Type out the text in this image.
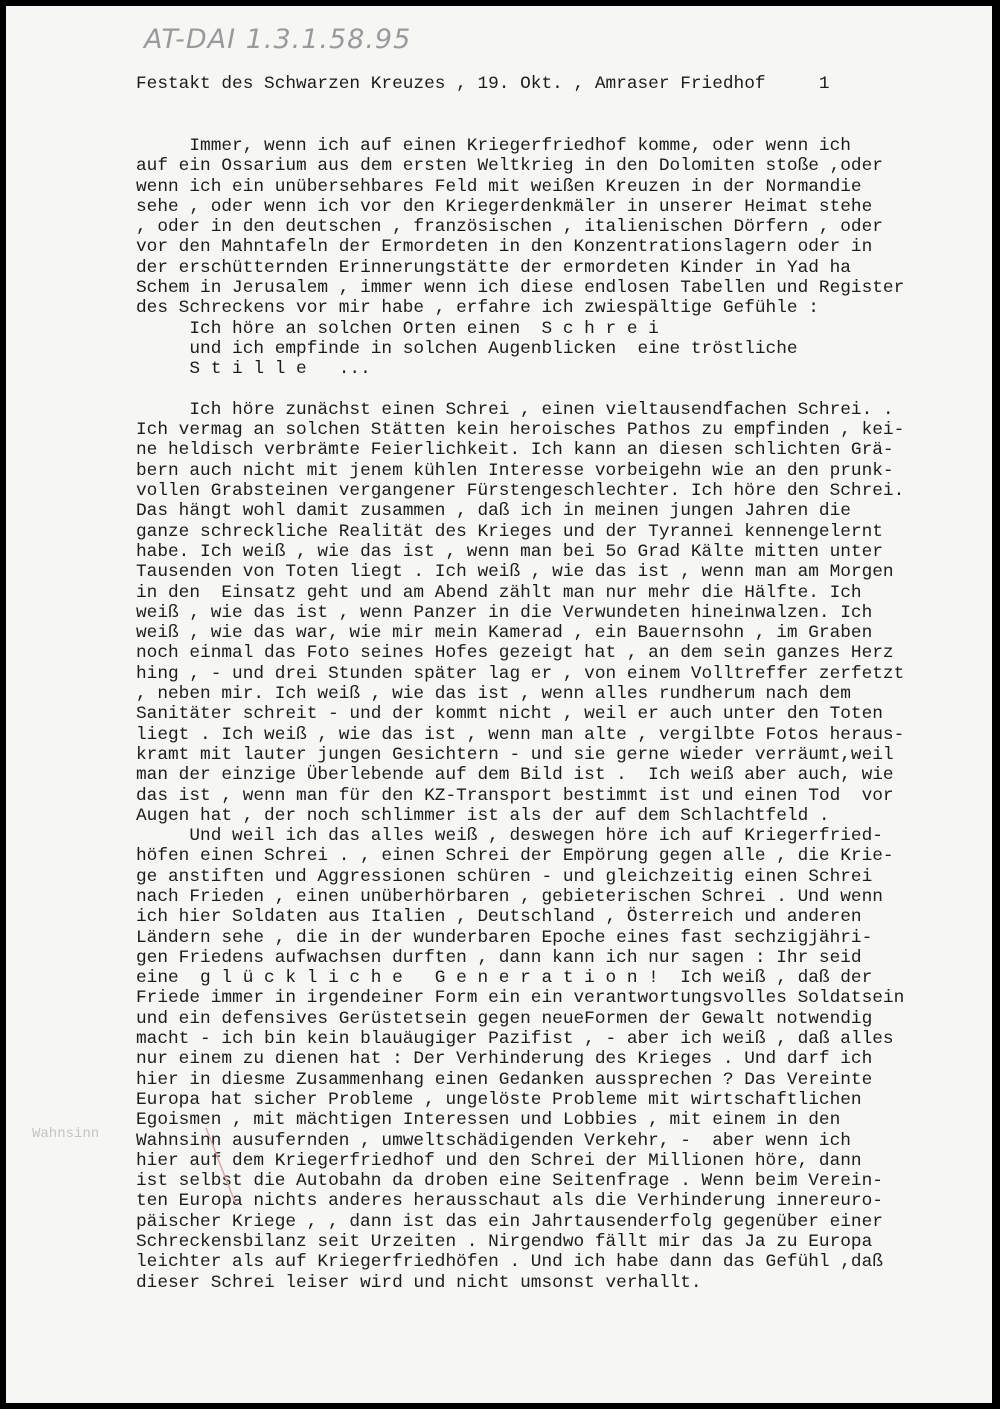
AT-DAI 1.3.1.58.95
Festakt des Schwarzen Kreuzes , 19. Okt. , Amraser Friedhof     1
Immer, wenn ich auf einen Kriegerfriedhof komme, oder wenn ich
auf ein Ossarium aus dem ersten Weltkrieg in den Dolomiten stoße ,oder
wenn ich ein unübersehbares Feld mit weißen Kreuzen in der Normandie
sehe , oder wenn ich vor den Kriegerdenkmäler in unserer Heimat stehe
, oder in den deutschen , französischen , italienischen Dörfern , oder
vor den Mahntafeln der Ermordeten in den Konzentrationslagern oder in
der erschütternden Erinnerungstätte der ermordeten Kinder in Yad ha
Schem in Jerusalem , immer wenn ich diese endlosen Tabellen und Register
des Schreckens vor mir habe , erfahre ich zwiespältige Gefühle :
Ich höre an solchen Orten einen  S c h r e i
und ich empfinde in solchen Augenblicken  eine tröstliche
S t i l l e   ...
Ich höre zunächst einen Schrei , einen vieltausendfachen Schrei. .
Ich vermag an solchen Stätten kein heroisches Pathos zu empfinden , kei-
ne heldisch verbrämte Feierlichkeit. Ich kann an diesen schlichten Grä-
bern auch nicht mit jenem kühlen Interesse vorbeigehn wie an den prunk-
vollen Grabsteinen vergangener Fürstengeschlechter. Ich höre den Schrei.
Das hängt wohl damit zusammen , daß ich in meinen jungen Jahren die
ganze schreckliche Realität des Krieges und der Tyrannei kennengelernt
habe. Ich weiß , wie das ist , wenn man bei 5o Grad Kälte mitten unter
Tausenden von Toten liegt . Ich weiß , wie das ist , wenn man am Morgen
in den  Einsatz geht und am Abend zählt man nur mehr die Hälfte. Ich
weiß , wie das ist , wenn Panzer in die Verwundeten hineinwalzen. Ich
weiß , wie das war, wie mir mein Kamerad , ein Bauernsohn , im Graben
noch einmal das Foto seines Hofes gezeigt hat , an dem sein ganzes Herz
hing , - und drei Stunden später lag er , von einem Volltreffer zerfetzt
, neben mir. Ich weiß , wie das ist , wenn alles rundherum nach dem
Sanitäter schreit - und der kommt nicht , weil er auch unter den Toten
liegt . Ich weiß , wie das ist , wenn man alte , vergilbte Fotos heraus-
kramt mit lauter jungen Gesichtern - und sie gerne wieder verräumt,weil
man der einzige Überlebende auf dem Bild ist .  Ich weiß aber auch, wie
das ist , wenn man für den KZ-Transport bestimmt ist und einen Tod  vor
Augen hat , der noch schlimmer ist als der auf dem Schlachtfeld .
Und weil ich das alles weiß , deswegen höre ich auf Kriegerfried-
höfen einen Schrei . , einen Schrei der Empörung gegen alle , die Krie-
ge anstiften und Aggressionen schüren - und gleichzeitig einen Schrei
nach Frieden , einen unüberhörbaren , gebieterischen Schrei . Und wenn
ich hier Soldaten aus Italien , Deutschland , Österreich und anderen
Ländern sehe , die in der wunderbaren Epoche eines fast sechzigjähri-
gen Friedens aufwachsen durften , dann kann ich nur sagen : Ihr seid
eine  g l ü c k l i c h e   G e n e r a t i o n !  Ich weiß , daß der
Friede immer in irgendeiner Form ein ein verantwortungsvolles Soldatsein
und ein defensives Gerüstetsein gegen neueFormen der Gewalt notwendig
macht - ich bin kein blauäugiger Pazifist , - aber ich weiß , daß alles
nur einem zu dienen hat : Der Verhinderung des Krieges . Und darf ich
hier in diesme Zusammenhang einen Gedanken aussprechen ? Das Vereinte
Europa hat sicher Probleme , ungelöste Probleme mit wirtschaftlichen
Egoismen , mit mächtigen Interessen und Lobbies , mit einem in den
Wahnsinn ausufernden , umweltschädigenden Verkehr, -  aber wenn ich
hier auf dem Kriegerfriedhof und den Schrei der Millionen höre, dann
ist selbst die Autobahn da droben eine Seitenfrage . Wenn beim Verein-
ten Europa nichts anderes herausschaut als die Verhinderung innereuro-
päischer Kriege , , dann ist das ein Jahrtausenderfolg gegenüber einer
Schreckensbilanz seit Urzeiten . Nirgendwo fällt mir das Ja zu Europa
leichter als auf Kriegerfriedhöfen . Und ich habe dann das Gefühl ,daß
dieser Schrei leiser wird und nicht umsonst verhallt.
Wahnsinn
